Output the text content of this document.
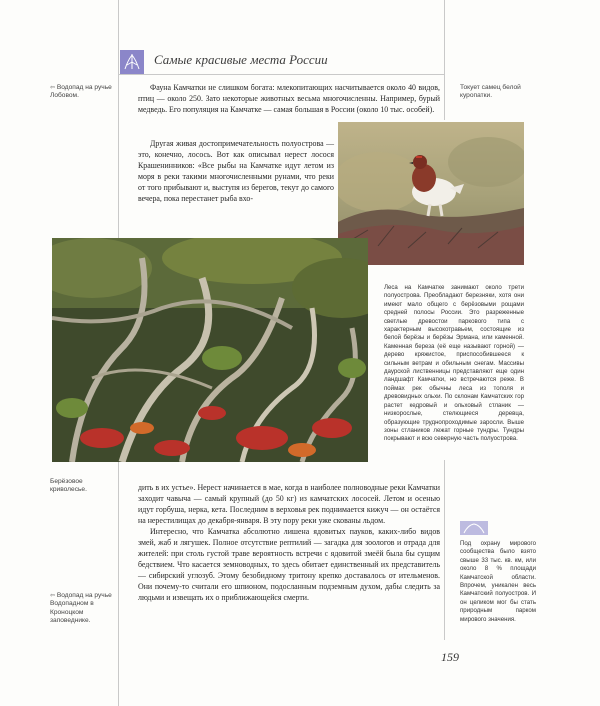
Самые красивые места России
⇦ Водопад на ручье Лобовом.
Токует самец белой куропатки.
Берёзовое криволесье.
⇦ Водопад на ручье Водопадном в Кроноцком заповеднике.

Фауна Камчатки не слишком богата: млекопитающих насчитывается около 40 видов, птиц — около 250. Зато некоторые животных весьма многочисленны. Например, бурый медведь. Его популяция на Камчатке — самая большая в России (около 10 тыс. особей).

Другая живая достопримечательность полуострова — это, конечно, лосось. Вот как описывал нерест лосося Крашенинников: «Все рыбы на Камчатке идут летом из моря в реки такими многочисленными рунами, что реки от того прибывают и, выступя из берегов, текут до самого вечера, пока перестанет рыба вхо-

Леса на Камчатке занимают около трети полуострова. Преобладают березняки, хотя они имеют мало общего с берёзовыми рощами средней полосы России. Это разреженные светлые древостои паркового типа с характерным высокотравьем, состоящие из белой берёзы и берёзы Эрмана, или каменной. Каменная береза (её еще называют горной) — дерево кряжистое, приспособившееся к сильным ветрам и обильным снегам. Массивы даурской лиственницы представляют еще один ландшафт Камчатки, но встречаются реже. В поймах рек обычны леса из тополя и древовидных ольхи. По склонам Камчатских гор растет кедровый и ольховый стланик — низкорослые, стелющиеся деревца, образующие труднопроходимые заросли. Выше зоны стлаников лежат горные тундры. Тундры покрывают и всю северную часть полуострова.

дить в их устье». Нерест начинается в мае, когда в наиболее полноводные реки Камчатки заходит чавыча — самый крупный (до 50 кг) из камчатских лососей. Летом и осенью идут горбуша, нерка, кета. Последним в верховья рек поднимается кижуч — он остаётся на нерестилищах до декабря-января. В эту пору реки уже скованы льдом.

Интересно, что Камчатка абсолютно лишена ядовитых пауков, каких-либо видов змей, жаб и лягушек. Полное отсутствие рептилий — загадка для зоологов и отрада для жителей: при столь густой траве вероятность встречи с ядовитой змеёй была бы сущим бедствием. Что касается земноводных, то здесь обитает единственный их представитель — сибирский углозуб. Этому безобидному тритону крепко доставалось от ительменов. Они почему-то считали его шпионом, подосланным подземным духом, дабы следить за людьми и извещать их о приближающейся смерти.

Под охрану мирового сообщества было взято свыше 33 тыс. кв. км, или около 8 % площади Камчатской области. Впрочем, уникален весь Камчатский полуостров. И он целиком мог бы стать природным парком мирового значения.

159
